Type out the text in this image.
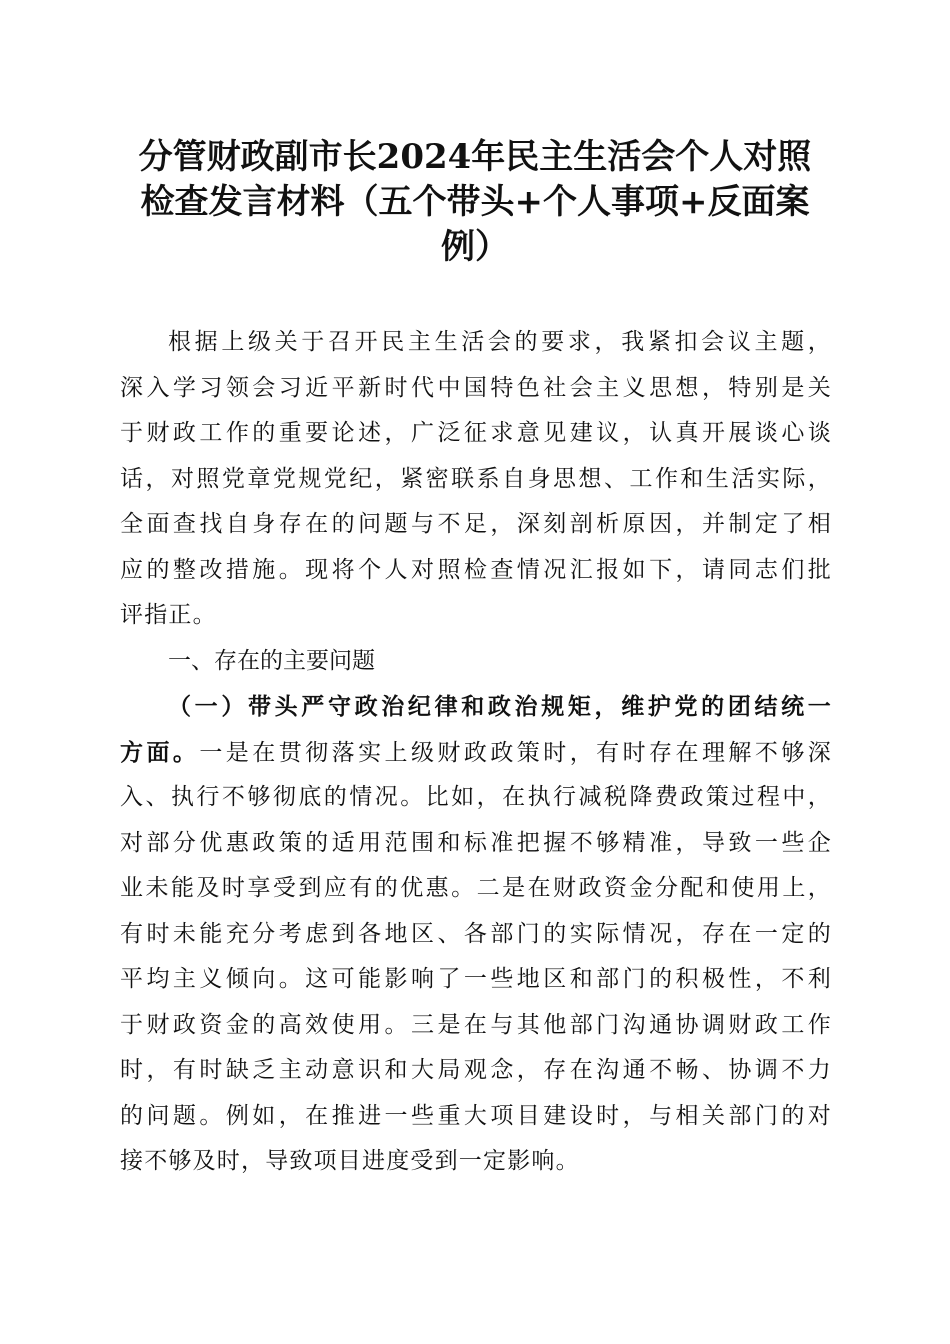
分管财政副市长2024年民主生活会个人对照
检查发言材料（五个带头+个人事项+反面案
例）
根据上级关于召开民主生活会的要求，我紧扣会议主题，
深入学习领会习近平新时代中国特色社会主义思想，特别是关
于财政工作的重要论述，广泛征求意见建议，认真开展谈心谈
话，对照党章党规党纪，紧密联系自身思想、工作和生活实际，
全面查找自身存在的问题与不足，深刻剖析原因，并制定了相
应的整改措施。现将个人对照检查情况汇报如下，请同志们批
评指正。
一、存在的主要问题
（一）带头严守政治纪律和政治规矩，维护党的团结统一
方面。一是在贯彻落实上级财政政策时，有时存在理解不够深
入、执行不够彻底的情况。比如，在执行减税降费政策过程中，
对部分优惠政策的适用范围和标准把握不够精准，导致一些企
业未能及时享受到应有的优惠。二是在财政资金分配和使用上，
有时未能充分考虑到各地区、各部门的实际情况，存在一定的
平均主义倾向。这可能影响了一些地区和部门的积极性，不利
于财政资金的高效使用。三是在与其他部门沟通协调财政工作
时，有时缺乏主动意识和大局观念，存在沟通不畅、协调不力
的问题。例如，在推进一些重大项目建设时，与相关部门的对
接不够及时，导致项目进度受到一定影响。
